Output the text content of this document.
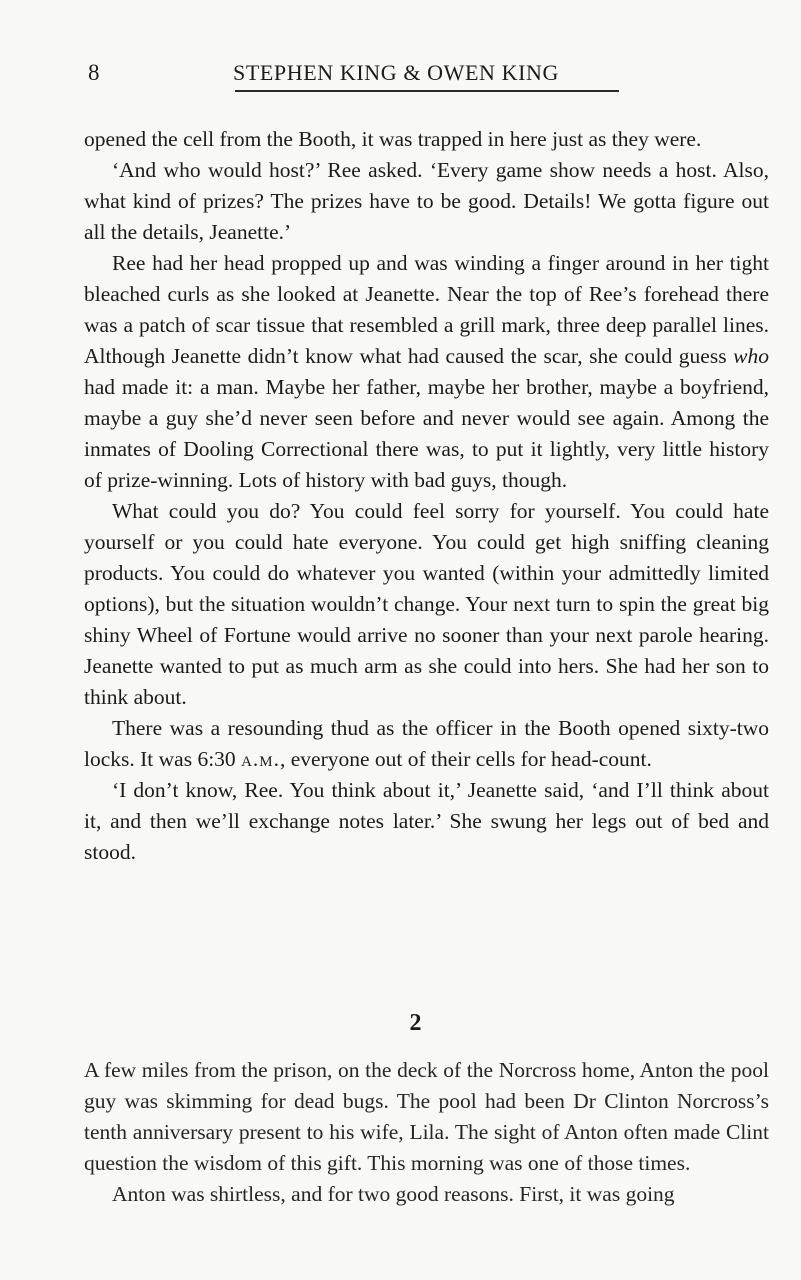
8	STEPHEN KING & OWEN KING

opened the cell from the Booth, it was trapped in here just as they were.

‘And who would host?’ Ree asked. ‘Every game show needs a host. Also, what kind of prizes? The prizes have to be good. Details! We gotta figure out all the details, Jeanette.’

Ree had her head propped up and was winding a finger around in her tight bleached curls as she looked at Jeanette. Near the top of Ree’s forehead there was a patch of scar tissue that resembled a grill mark, three deep parallel lines. Although Jeanette didn’t know what had caused the scar, she could guess who had made it: a man. Maybe her father, maybe her brother, maybe a boyfriend, maybe a guy she’d never seen before and never would see again. Among the inmates of Dooling Correctional there was, to put it lightly, very little history of prize-winning. Lots of history with bad guys, though.

What could you do? You could feel sorry for yourself. You could hate yourself or you could hate everyone. You could get high sniffing cleaning products. You could do whatever you wanted (within your admittedly limited options), but the situation wouldn’t change. Your next turn to spin the great big shiny Wheel of Fortune would arrive no sooner than your next parole hearing. Jeanette wanted to put as much arm as she could into hers. She had her son to think about.

There was a resounding thud as the officer in the Booth opened sixty-two locks. It was 6:30 a.m., everyone out of their cells for head-count.

‘I don’t know, Ree. You think about it,’ Jeanette said, ‘and I’ll think about it, and then we’ll exchange notes later.’ She swung her legs out of bed and stood.

2

A few miles from the prison, on the deck of the Norcross home, Anton the pool guy was skimming for dead bugs. The pool had been Dr Clinton Norcross’s tenth anniversary present to his wife, Lila. The sight of Anton often made Clint question the wisdom of this gift. This morning was one of those times.

Anton was shirtless, and for two good reasons. First, it was going
